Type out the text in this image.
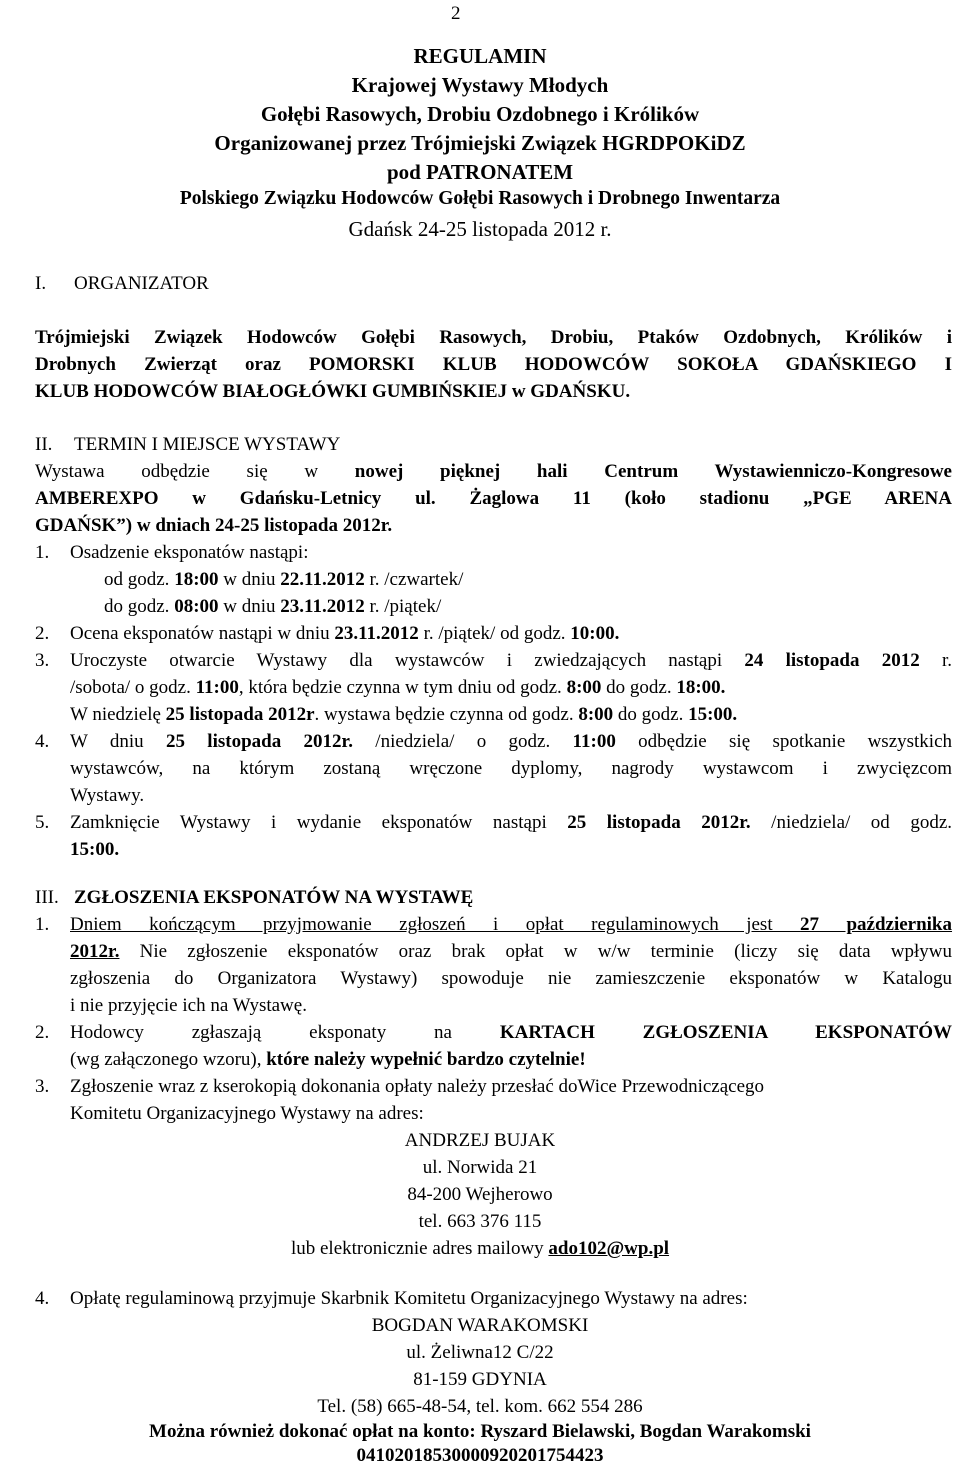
2
REGULAMIN
Krajowej Wystawy Młodych
Gołębi Rasowych, Drobiu Ozdobnego i Królików
Organizowanej przez Trójmiejski Związek HGRDPOKiDZ
pod PATRONATEM
Polskiego Związku Hodowców Gołębi Rasowych i Drobnego Inwentarza
Gdańsk 24-25 listopada 2012 r.
I. ORGANIZATOR
Trójmiejski Związek Hodowców Gołębi Rasowych, Drobiu, Ptaków Ozdobnych, Królików i
Drobnych Zwierząt oraz POMORSKI KLUB HODOWCÓW SOKOŁA GDAŃSKIEGO I
KLUB HODOWCÓW BIAŁOGŁÓWKI GUMBIŃSKIEJ w GDAŃSKU.
II. TERMIN I MIEJSCE WYSTAWY
Wystawa odbędzie się w nowej pięknej hali Centrum Wystawienniczo-Kongresowe
AMBEREXPO w Gdańsku-Letnicy ul. Żaglowa 11 (koło stadionu „PGE ARENA
GDAŃSK”) w dniach 24-25 listopada 2012r.
1. Osadzenie eksponatów nastąpi:
od godz. 18:00 w dniu 22.11.2012 r. /czwartek/
do godz. 08:00 w dniu 23.11.2012 r. /piątek/
2. Ocena eksponatów nastąpi w dniu 23.11.2012 r. /piątek/ od godz. 10:00.
3. Uroczyste otwarcie Wystawy dla wystawców i zwiedzających nastąpi 24 listopada 2012 r.
/sobota/ o godz. 11:00, która będzie czynna w tym dniu od godz. 8:00 do godz. 18:00.
W niedzielę 25 listopada 2012r. wystawa będzie czynna od godz. 8:00 do godz. 15:00.
4. W dniu 25 listopada 2012r. /niedziela/ o godz. 11:00 odbędzie się spotkanie wszystkich
wystawców, na którym zostaną wręczone dyplomy, nagrody wystawcom i zwycięzcom
Wystawy.
5. Zamknięcie Wystawy i wydanie eksponatów nastąpi 25 listopada 2012r. /niedziela/ od godz.
15:00.
III. ZGŁOSZENIA EKSPONATÓW NA WYSTAWĘ
1. Dniem kończącym przyjmowanie zgłoszeń i opłat regulaminowych jest 27 października
2012r. Nie zgłoszenie eksponatów oraz brak opłat w w/w terminie (liczy się data wpływu
zgłoszenia do Organizatora Wystawy) spowoduje nie zamieszczenie eksponatów w Katalogu
i nie przyjęcie ich na Wystawę.
2. Hodowcy zgłaszają eksponaty na KARTACH ZGŁOSZENIA EKSPONATÓW
(wg załączonego wzoru), które należy wypełnić bardzo czytelnie!
3. Zgłoszenie wraz z kserokopią dokonania opłaty należy przesłać doWice Przewodniczącego
Komitetu Organizacyjnego Wystawy na adres:
ANDRZEJ BUJAK
ul. Norwida 21
84-200 Wejherowo
tel. 663 376 115
lub elektronicznie adres mailowy ado102@wp.pl
4. Opłatę regulaminową przyjmuje Skarbnik Komitetu Organizacyjnego Wystawy na adres:
BOGDAN WARAKOMSKI
ul. Żeliwna12 C/22
81-159 GDYNIA
Tel. (58) 665-48-54, tel. kom. 662 554 286
Można również dokonać opłat na konto: Ryszard Bielawski, Bogdan Warakomski
04102018530000920201754423
